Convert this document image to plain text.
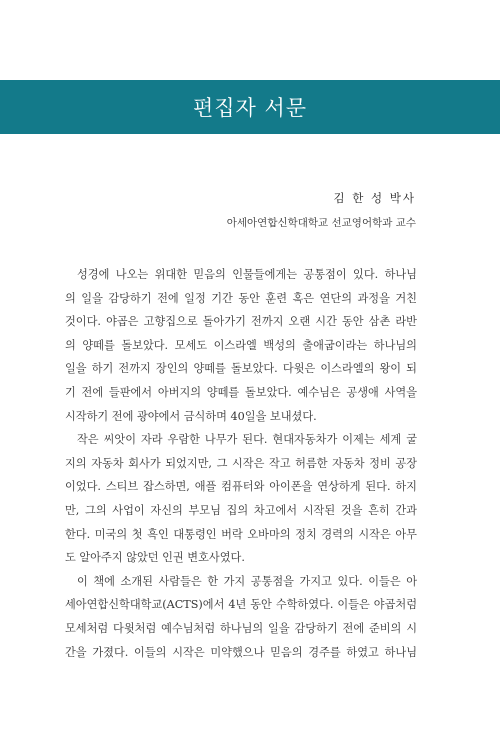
편집자 서문
김 한 성 박사
아세아연합신학대학교 선교영어학과 교수
성경에 나오는 위대한 믿음의 인물들에게는 공통점이 있다. 하나님
의 일을 감당하기 전에 일정 기간 동안 훈련 혹은 연단의 과정을 거친
것이다. 야곱은 고향집으로 돌아가기 전까지 오랜 시간 동안 삼촌 라반
의 양떼를 돌보았다. 모세도 이스라엘 백성의 출애굽이라는 하나님의
일을 하기 전까지 장인의 양떼를 돌보았다. 다윗은 이스라엘의 왕이 되
기 전에 들판에서 아버지의 양떼를 돌보았다. 예수님은 공생애 사역을
시작하기 전에 광야에서 금식하며 40일을 보내셨다.
작은 씨앗이 자라 우람한 나무가 된다. 현대자동차가 이제는 세계 굴
지의 자동차 회사가 되었지만, 그 시작은 작고 허름한 자동차 정비 공장
이었다. 스티브 잡스하면, 애플 컴퓨터와 아이폰을 연상하게 된다. 하지
만, 그의 사업이 자신의 부모님 집의 차고에서 시작된 것을 흔히 간과
한다. 미국의 첫 흑인 대통령인 버락 오바마의 정치 경력의 시작은 아무
도 알아주지 않았던 인권 변호사였다.
이 책에 소개된 사람들은 한 가지 공통점을 가지고 있다. 이들은 아
세아연합신학대학교(ACTS)에서 4년 동안 수학하였다. 이들은 야곱처럼
모세처럼 다윗처럼 예수님처럼 하나님의 일을 감당하기 전에 준비의 시
간을 가졌다. 이들의 시작은 미약했으나 믿음의 경주를 하였고 하나님
